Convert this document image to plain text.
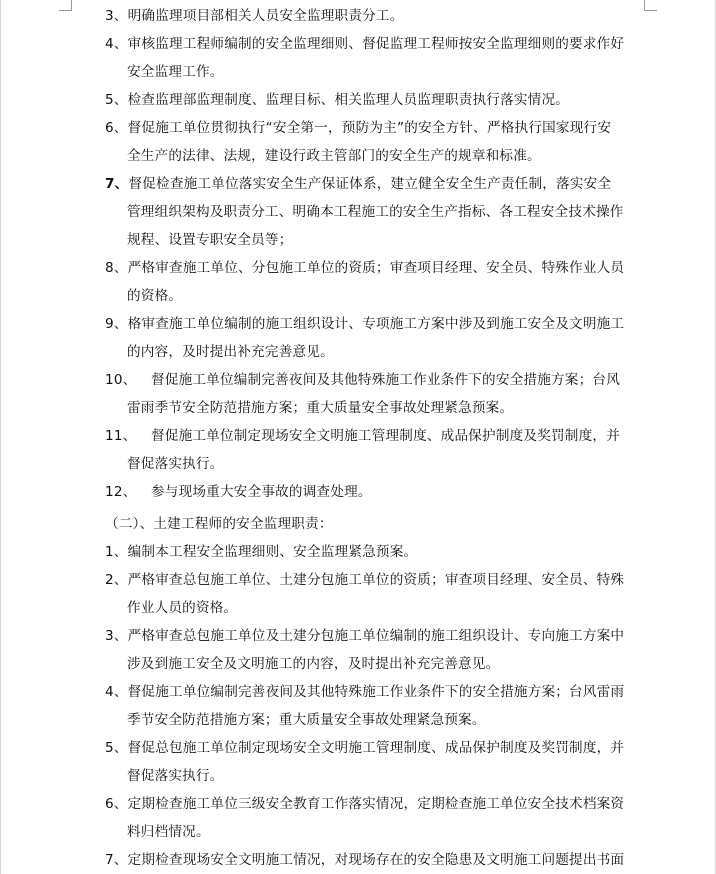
3、明确监理项目部相关人员安全监理职责分工。
4、审核监理工程师编制的安全监理细则、督促监理工程师按安全监理细则的要求作好
安全监理工作。
5、检查监理部监理制度、监理目标、相关监理人员监理职责执行落实情况。
6、督促施工单位贯彻执行“安全第一，预防为主”的安全方针、严格执行国家现行安
全生产的法律、法规，建设行政主管部门的安全生产的规章和标准。
7、督促检查施工单位落实安全生产保证体系，建立健全安全生产责任制，落实安全
管理组织架构及职责分工、明确本工程施工的安全生产指标、各工程安全技术操作
规程、设置专职安全员等；
8、严格审查施工单位、分包施工单位的资质；审查项目经理、安全员、特殊作业人员
的资格。
9、格审查施工单位编制的施工组织设计、专项施工方案中涉及到施工安全及文明施工
的内容，及时提出补充完善意见。
10、 督促施工单位编制完善夜间及其他特殊施工作业条件下的安全措施方案；台风
雷雨季节安全防范措施方案；重大质量安全事故处理紧急预案。
11、 督促施工单位制定现场安全文明施工管理制度、成品保护制度及奖罚制度，并
督促落实执行。
12、 参与现场重大安全事故的调查处理。
（二）、土建工程师的安全监理职责：
1、编制本工程安全监理细则、安全监理紧急预案。
2、严格审查总包施工单位、土建分包施工单位的资质；审查项目经理、安全员、特殊
作业人员的资格。
3、严格审查总包施工单位及土建分包施工单位编制的施工组织设计、专向施工方案中
涉及到施工安全及文明施工的内容，及时提出补充完善意见。
4、督促施工单位编制完善夜间及其他特殊施工作业条件下的安全措施方案；台风雷雨
季节安全防范措施方案；重大质量安全事故处理紧急预案。
5、督促总包施工单位制定现场安全文明施工管理制度、成品保护制度及奖罚制度，并
督促落实执行。
6、定期检查施工单位三级安全教育工作落实情况，定期检查施工单位安全技术档案资
料归档情况。
7、定期检查现场安全文明施工情况，对现场存在的安全隐患及文明施工问题提出书面
